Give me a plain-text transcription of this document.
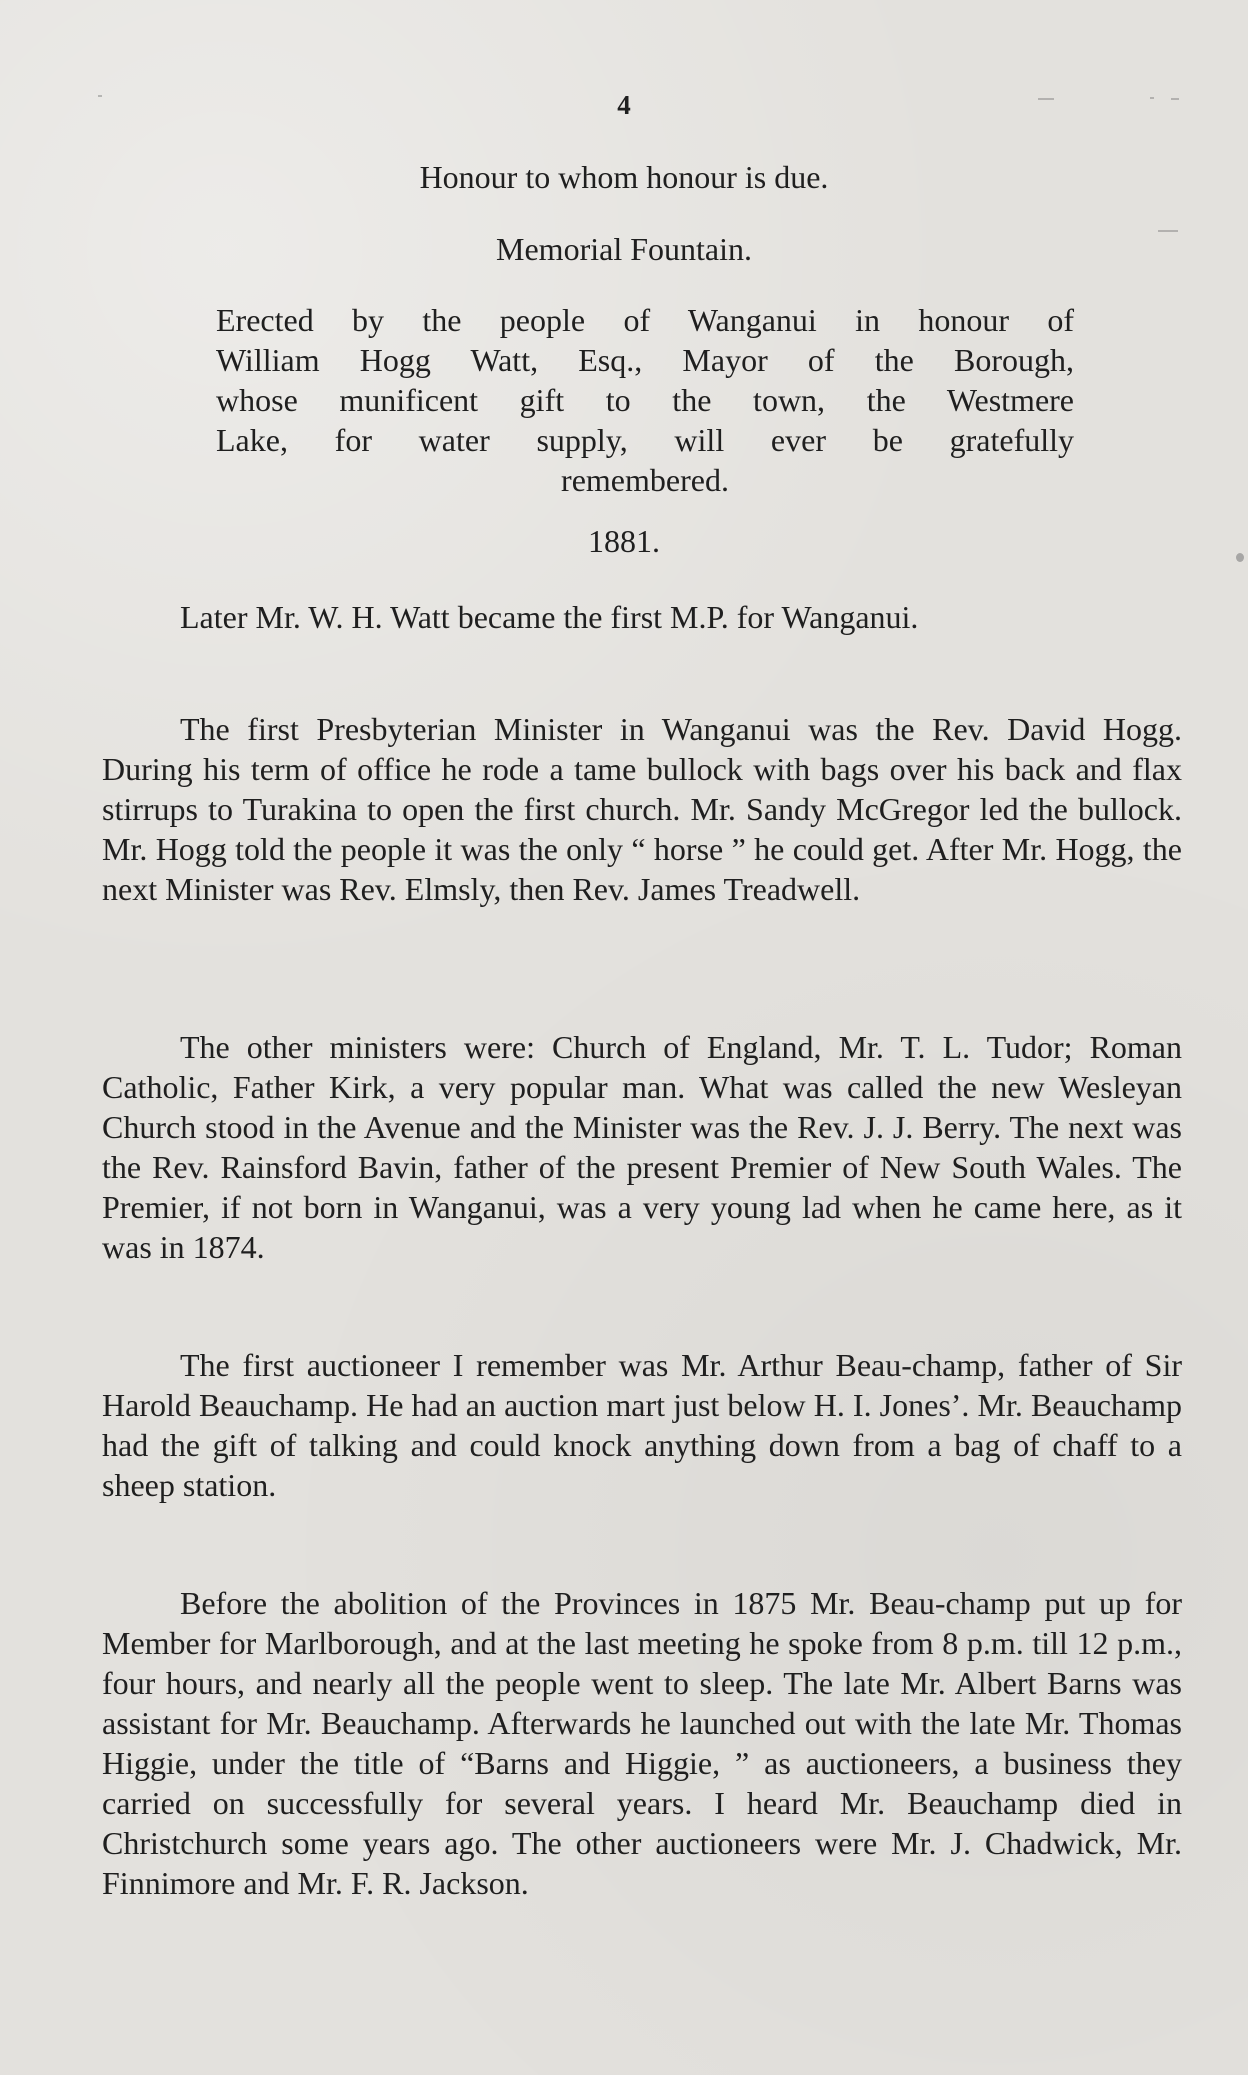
4
Honour to whom honour is due.
Memorial Fountain.
Erected by the people of Wanganui in honour of
William Hogg Watt, Esq., Mayor of the Borough,
whose munificent gift to the town, the Westmere
Lake, for water supply, will ever be gratefully
remembered.
1881.

Later Mr. W. H. Watt became the first M.P. for Wanganui.

The first Presbyterian Minister in Wanganui was the Rev. David Hogg. During his term of office he rode a tame bullock with bags over his back and flax stirrups to Turakina to open the first church. Mr. Sandy McGregor led the bullock. Mr. Hogg told the people it was the only “ horse ” he could get. After Mr. Hogg, the next Minister was Rev. Elmsly, then Rev. James Treadwell.

The other ministers were: Church of England, Mr. T. L. Tudor; Roman Catholic, Father Kirk, a very popular man. What was called the new Wesleyan Church stood in the Avenue and the Minister was the Rev. J. J. Berry. The next was the Rev. Rainsford Bavin, father of the present Premier of New South Wales. The Premier, if not born in Wanganui, was a very young lad when he came here, as it was in 1874.

The first auctioneer I remember was Mr. Arthur Beau-champ, father of Sir Harold Beauchamp. He had an auction mart just below H. I. Jones’. Mr. Beauchamp had the gift of talking and could knock anything down from a bag of chaff to a sheep station.

Before the abolition of the Provinces in 1875 Mr. Beau-champ put up for Member for Marlborough, and at the last meeting he spoke from 8 p.m. till 12 p.m., four hours, and nearly all the people went to sleep. The late Mr. Albert Barns was assistant for Mr. Beauchamp. Afterwards he launched out with the late Mr. Thomas Higgie, under the title of “Barns and Higgie, ” as auctioneers, a business they carried on successfully for several years. I heard Mr. Beauchamp died in Christchurch some years ago. The other auctioneers were Mr. J. Chadwick, Mr. Finnimore and Mr. F. R. Jackson.
